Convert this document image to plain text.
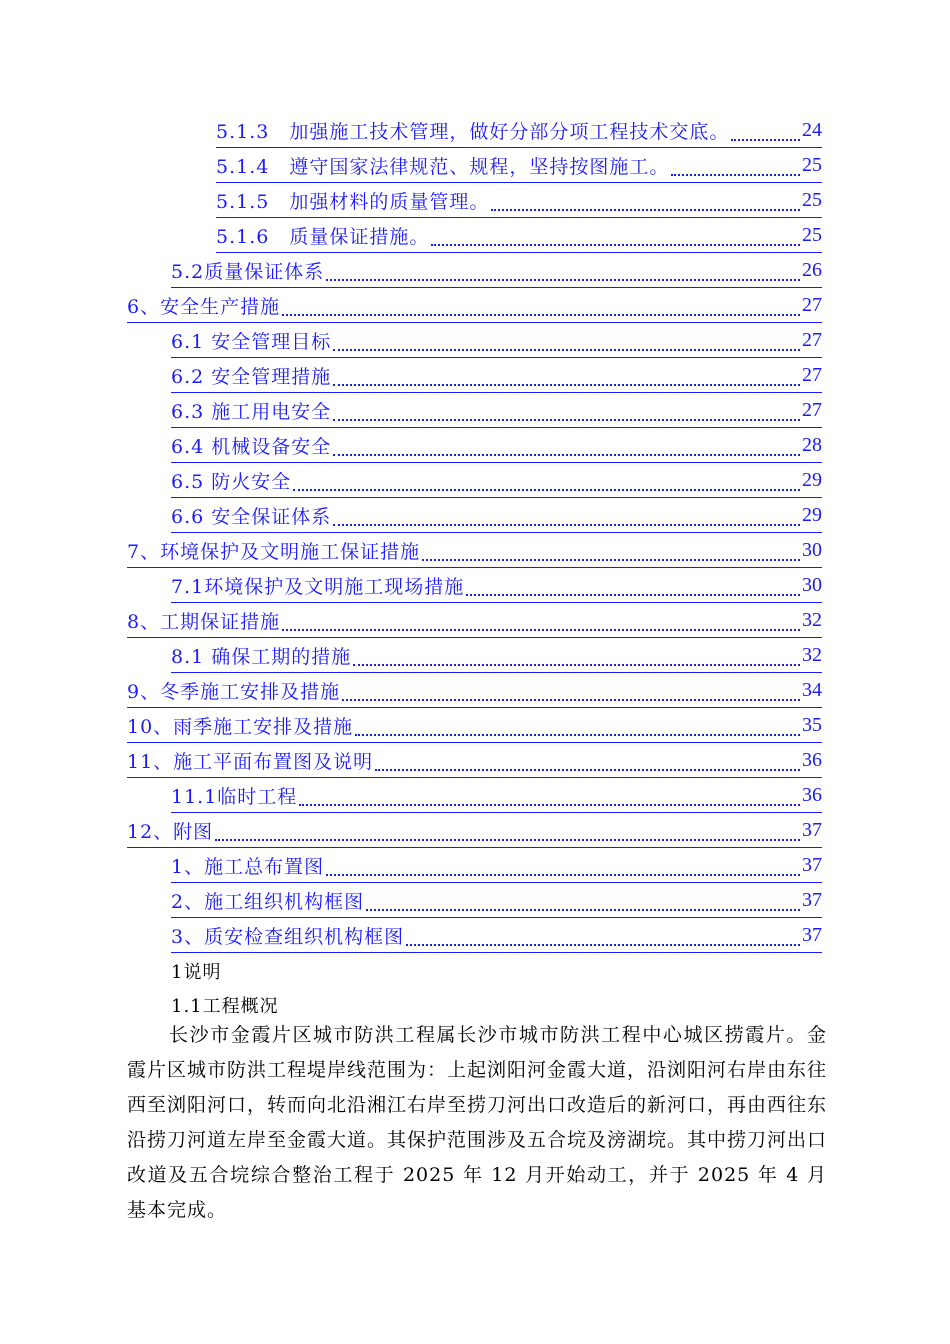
5.1.3　加强施工技术管理，做好分部分项工程技术交底。	24
5.1.4　遵守国家法律规范、规程，坚持按图施工。	25
5.1.5　加强材料的质量管理。	25
5.1.6　质量保证措施。	25
5.2质量保证体系	26
6、安全生产措施	27
6.1 安全管理目标	27
6.2 安全管理措施	27
6.3 施工用电安全	27
6.4 机械设备安全	28
6.5 防火安全	29
6.6 安全保证体系	29
7、环境保护及文明施工保证措施	30
7.1环境保护及文明施工现场措施	30
8、工期保证措施	32
8.1 确保工期的措施	32
9、冬季施工安排及措施	34
10、雨季施工安排及措施	35
11、施工平面布置图及说明	36
11.1临时工程	36
12、附图	37
1、施工总布置图	37
2、施工组织机构框图	37
3、质安检查组织机构框图	37
1说明
1.1工程概况
长沙市金霞片区城市防洪工程属长沙市城市防洪工程中心城区捞霞片。金霞片区城市防洪工程堤岸线范围为：上起浏阳河金霞大道，沿浏阳河右岸由东往西至浏阳河口，转而向北沿湘江右岸至捞刀河出口改造后的新河口，再由西往东沿捞刀河道左岸至金霞大道。其保护范围涉及五合垸及滂湖垸。其中捞刀河出口改道及五合垸综合整治工程于 2025 年 12 月开始动工，并于 2025 年 4 月基本完成。
